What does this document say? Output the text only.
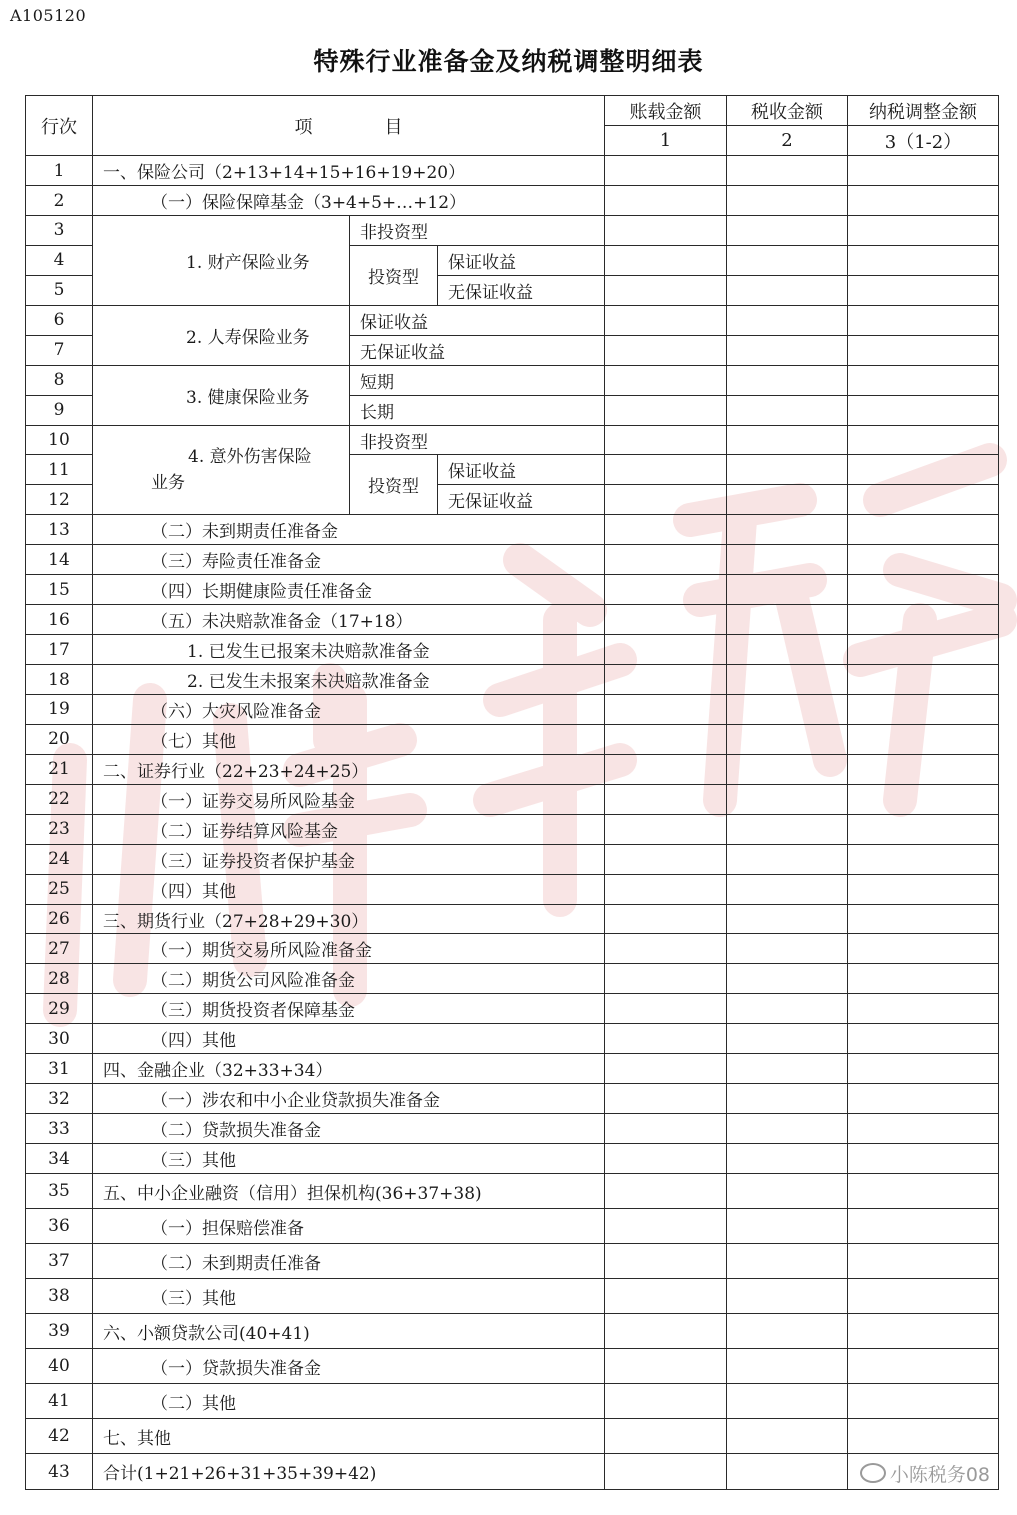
A105120
特殊行业准备金及纳税调整明细表
行次	项　　　　目			账载金额	税收金额	纳税调整金额
				1	2	3（1-2）
1	一、保险公司（2+13+14+15+16+19+20）					
2	（一）保险保障基金（3+4+5+…+12）					
3	1. 财产保险业务	非投资型				
4		投资型	保证收益			
5			无保证收益			
6	2. 人寿保险业务	保证收益				
7		无保证收益				
8	3. 健康保险业务	短期				
9		长期				
10	4. 意外伤害保险
业务	非投资型				
11		投资型	保证收益			
12			无保证收益			
13	（二）未到期责任准备金					
14	（三）寿险责任准备金					
15	（四）长期健康险责任准备金					
16	（五）未决赔款准备金（17+18）					
17	1. 已发生已报案未决赔款准备金					
18	2. 已发生未报案未决赔款准备金					
19	（六）大灾风险准备金					
20	（七）其他					
21	二、证券行业（22+23+24+25）					
22	（一）证券交易所风险基金					
23	（二）证券结算风险基金					
24	（三）证券投资者保护基金					
25	（四）其他					
26	三、期货行业（27+28+29+30）					
27	（一）期货交易所风险准备金					
28	（二）期货公司风险准备金					
29	（三）期货投资者保障基金					
30	（四）其他					
31	四、金融企业（32+33+34）					
32	（一）涉农和中小企业贷款损失准备金					
33	（二）贷款损失准备金					
34	（三）其他					
35	五、中小企业融资（信用）担保机构(36+37+38)					
36	（一）担保赔偿准备					
37	（二）未到期责任准备					
38	（三）其他					
39	六、小额贷款公司(40+41)					
40	（一）贷款损失准备金					
41	（二）其他					
42	七、其他					
43	合计(1+21+26+31+35+39+42)					小陈税务08
